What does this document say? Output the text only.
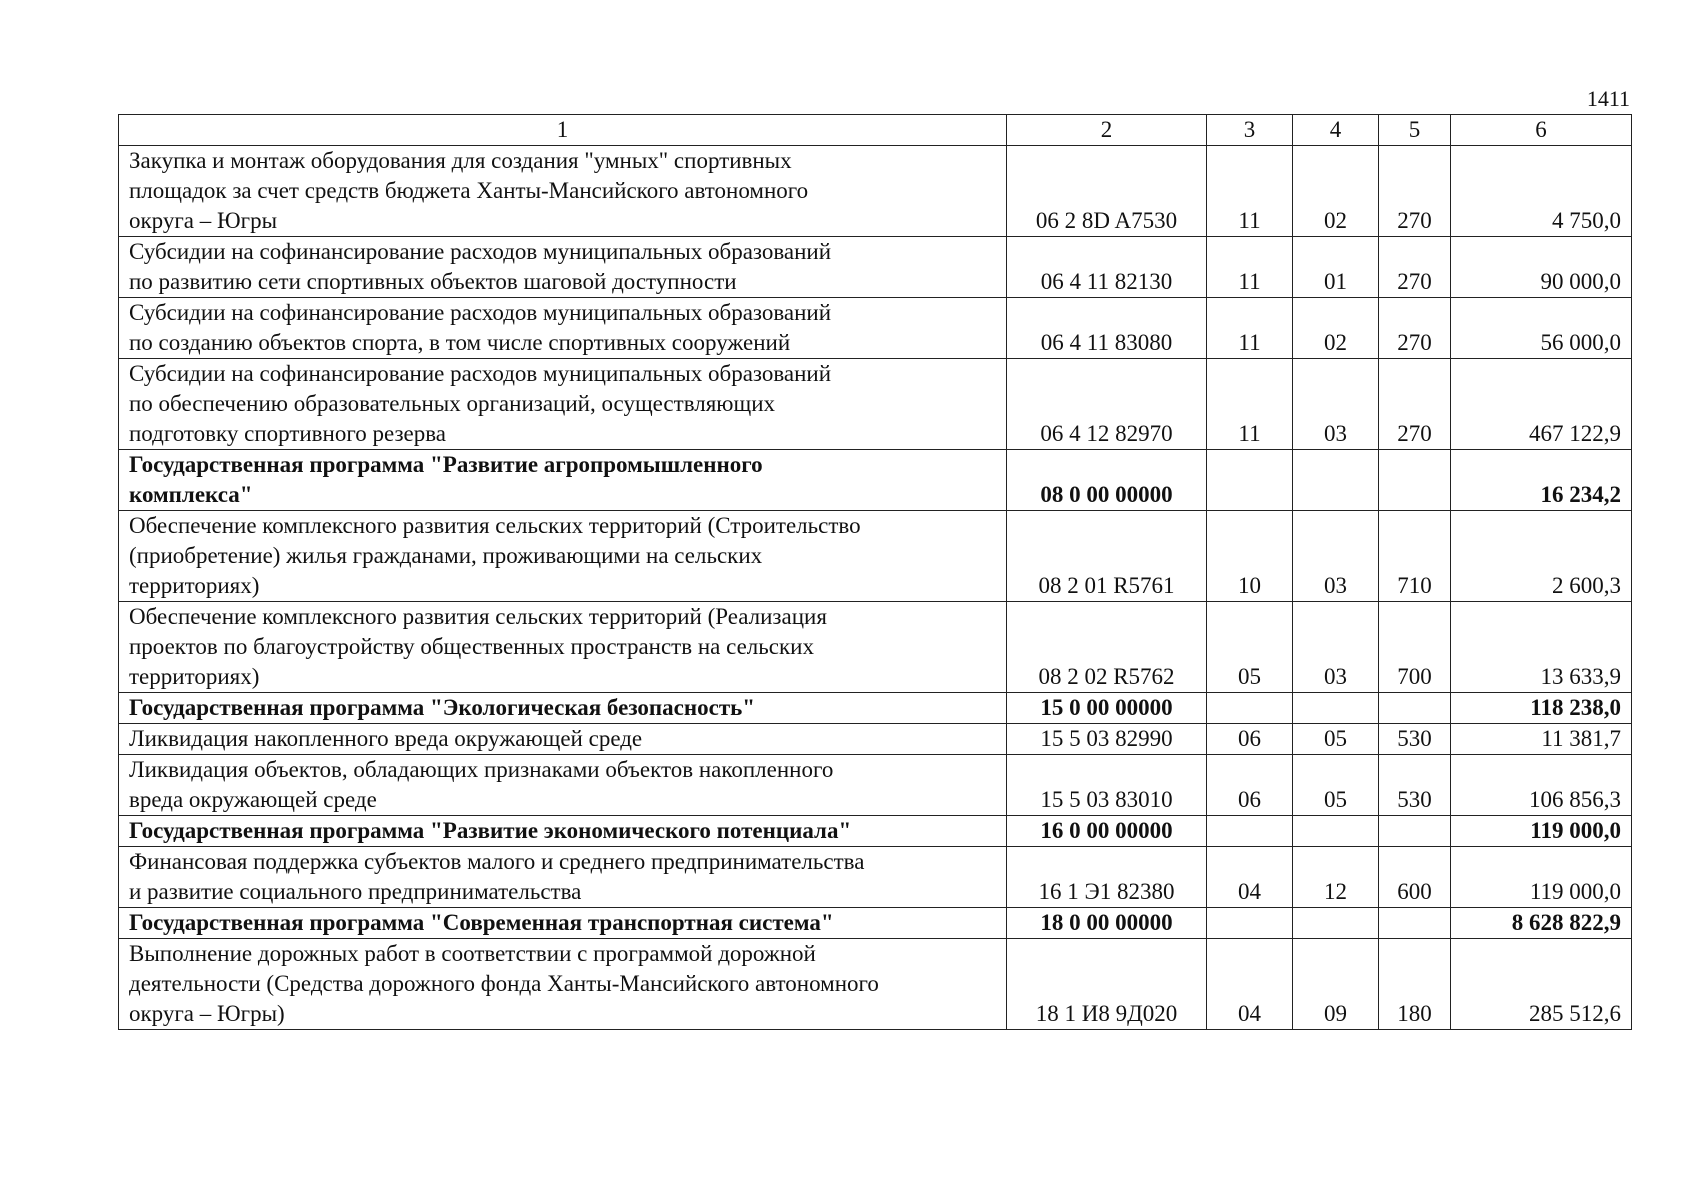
1411
1	2	3	4	5	6
Закупка и монтаж оборудования для создания "умных" спортивных
площадок за счет средств бюджета Ханты-Мансийского автономного
округа – Югры	06 2 8D A7530	11	02	270	4 750,0
Субсидии на софинансирование расходов муниципальных образований
по развитию сети спортивных объектов шаговой доступности	06 4 11 82130	11	01	270	90 000,0
Субсидии на софинансирование расходов муниципальных образований
по созданию объектов спорта, в том числе спортивных сооружений	06 4 11 83080	11	02	270	56 000,0
Субсидии на софинансирование расходов муниципальных образований
по обеспечению образовательных организаций, осуществляющих
подготовку спортивного резерва	06 4 12 82970	11	03	270	467 122,9
Государственная программа "Развитие агропромышленного
комплекса"	08 0 00 00000				16 234,2
Обеспечение комплексного развития сельских территорий (Строительство
(приобретение) жилья гражданами, проживающими на сельских
территориях)	08 2 01 R5761	10	03	710	2 600,3
Обеспечение комплексного развития сельских территорий (Реализация
проектов по благоустройству общественных пространств на сельских
территориях)	08 2 02 R5762	05	03	700	13 633,9
Государственная программа "Экологическая безопасность"	15 0 00 00000				118 238,0
Ликвидация накопленного вреда окружающей среде	15 5 03 82990	06	05	530	11 381,7
Ликвидация объектов, обладающих признаками объектов накопленного
вреда окружающей среде	15 5 03 83010	06	05	530	106 856,3
Государственная программа "Развитие экономического потенциала"	16 0 00 00000				119 000,0
Финансовая поддержка субъектов малого и среднего предпринимательства
и развитие социального предпринимательства	16 1 Э1 82380	04	12	600	119 000,0
Государственная программа "Современная транспортная система"	18 0 00 00000				8 628 822,9
Выполнение дорожных работ в соответствии с программой дорожной
деятельности (Средства дорожного фонда Ханты-Мансийского автономного
округа – Югры)	18 1 И8 9Д020	04	09	180	285 512,6
